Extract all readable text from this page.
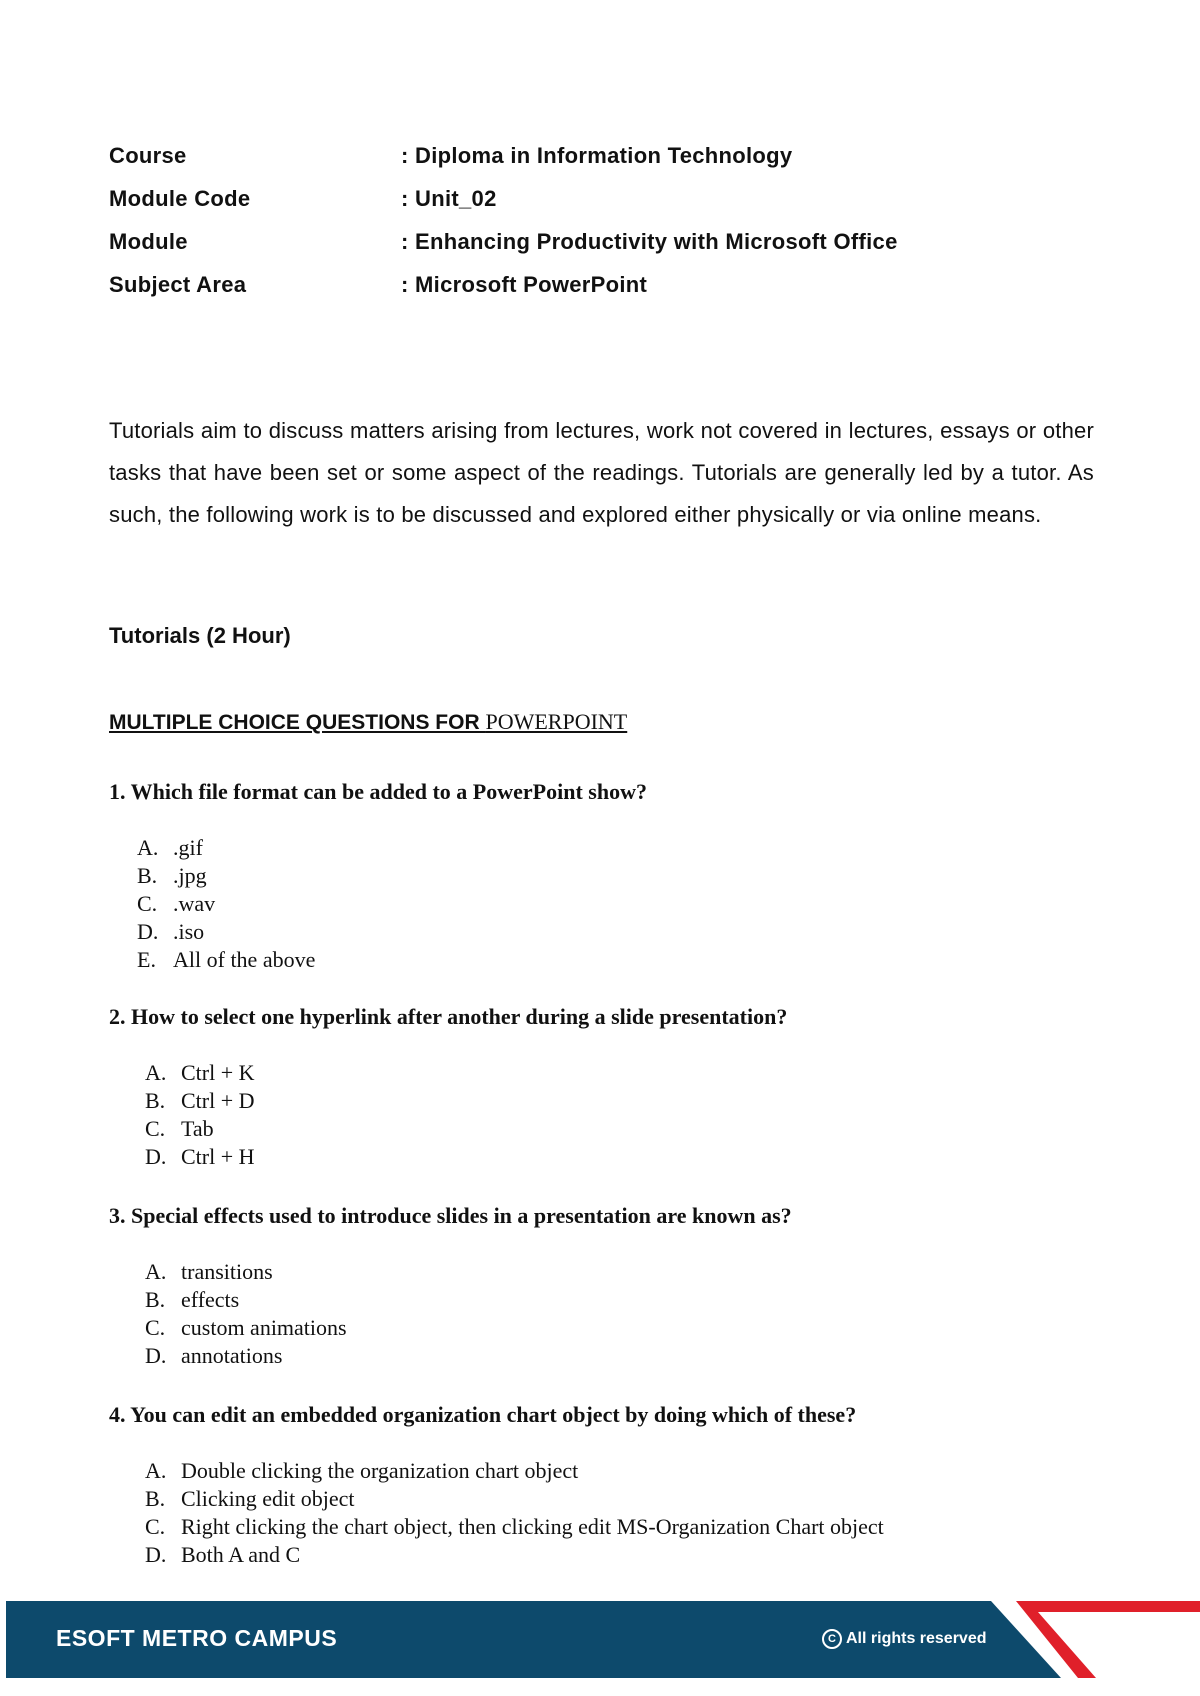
Course	: Diploma in Information Technology
Module Code	: Unit_02
Module	: Enhancing Productivity with Microsoft Office
Subject Area	: Microsoft PowerPoint

Tutorials aim to discuss matters arising from lectures, work not covered in lectures, essays or other tasks that have been set or some aspect of the readings. Tutorials are generally led by a tutor. As such, the following work is to be discussed and explored either physically or via online means.

Tutorials (2 Hour)
MULTIPLE CHOICE QUESTIONS FOR POWERPOINT
1. Which file format can be added to a PowerPoint show?
A. .gif
B. .jpg
C. .wav
D. .iso
E. All of the above
2. How to select one hyperlink after another during a slide presentation?
A. Ctrl + K
B. Ctrl + D
C. Tab
D. Ctrl + H
3. Special effects used to introduce slides in a presentation are known as?
A. transitions
B. effects
C. custom animations
D. annotations
4. You can edit an embedded organization chart object by doing which of these?
A. Double clicking the organization chart object
B. Clicking edit object
C. Right clicking the chart object, then clicking edit MS-Organization Chart object
D. Both A and C
ESOFT METRO CAMPUS	C All rights reserved
